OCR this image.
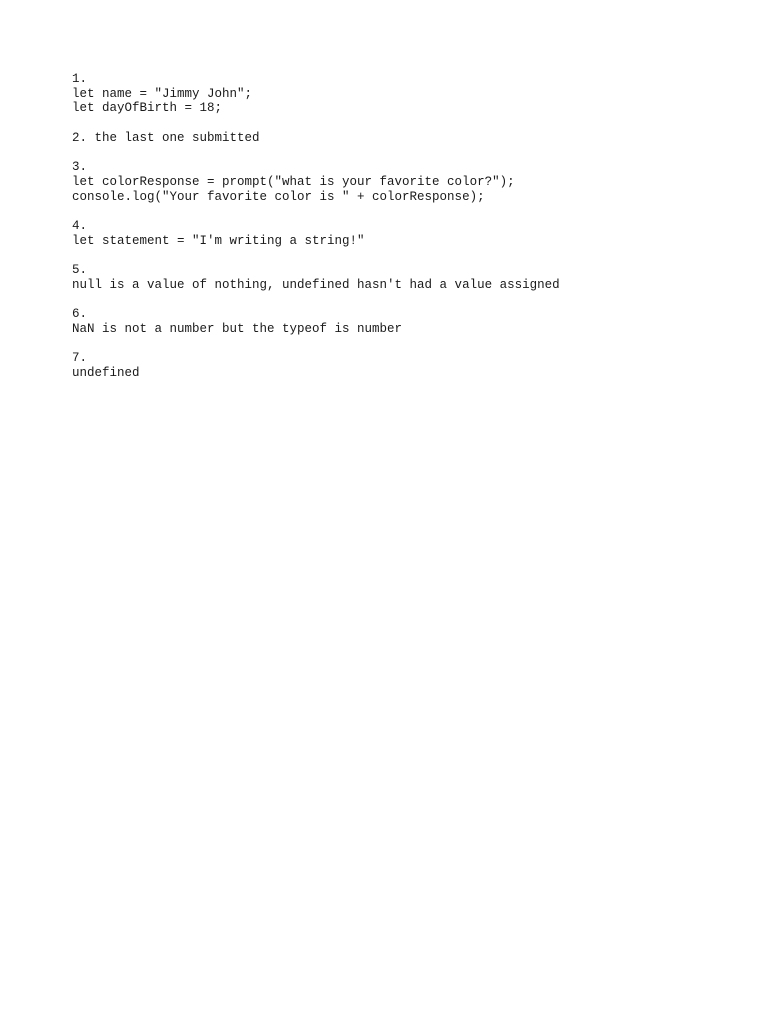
1.
let name = "Jimmy John";
let dayOfBirth = 18;
2. the last one submitted
3.
let colorResponse = prompt("what is your favorite color?");
console.log("Your favorite color is " + colorResponse);
4.
let statement = "I'm writing a string!"
5.
null is a value of nothing, undefined hasn't had a value assigned
6.
NaN is not a number but the typeof is number
7.
undefined
